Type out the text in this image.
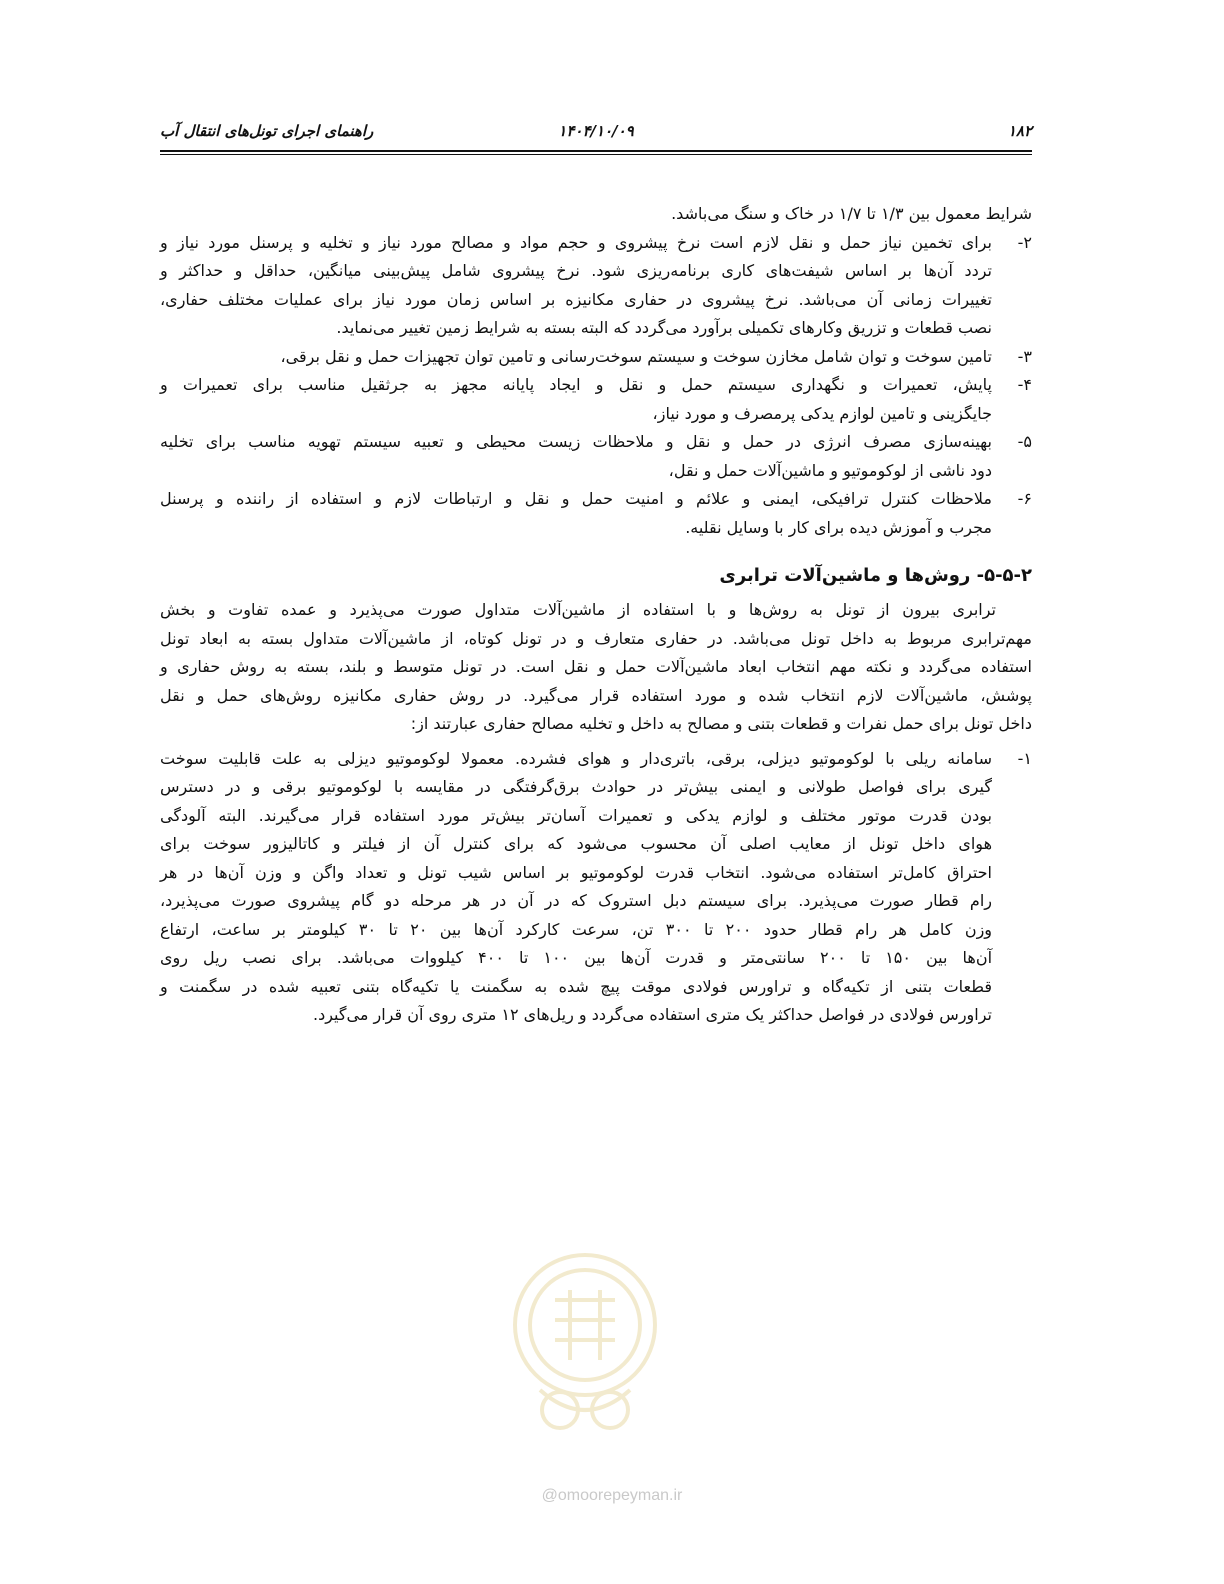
۱۸۲
۱۴۰۴/۱۰/۰۹
راهنمای اجرای تونل‌های انتقال آب
شرایط معمول بین ۱/۳ تا ۱/۷ در خاک و سنگ می‌باشد.
۲-
برای تخمین نیاز حمل و نقل لازم است نرخ پیشروی و حجم مواد و مصالح مورد نیاز و تخلیه و پرسنل مورد نیاز و
تردد آن‌ها بر اساس شیفت‌های کاری برنامه‌ریزی شود. نرخ پیشروی شامل پیش‌بینی میانگین، حداقل و حداکثر و
تغییرات زمانی آن می‌باشد. نرخ پیشروی در حفاری مکانیزه بر اساس زمان مورد نیاز برای عملیات مختلف حفاری،
نصب قطعات و تزریق وکارهای تکمیلی برآورد می‌گردد که البته بسته به شرایط زمین تغییر می‌نماید.
۳-
تامین سوخت و توان شامل مخازن سوخت و سیستم سوخت‌رسانی و تامین توان تجهیزات حمل و نقل برقی،
۴-
پایش، تعمیرات و نگهداری سیستم حمل و نقل و ایجاد پایانه مجهز به جرثقیل مناسب برای تعمیرات و
جایگزینی و تامین لوازم یدکی پرمصرف و مورد نیاز،
۵-
بهینه‌سازی مصرف انرژی در حمل و نقل و ملاحظات زیست محیطی و تعبیه سیستم تهویه مناسب برای تخلیه
دود ناشی از لوکوموتیو و ماشین‌آلات حمل و نقل،
۶-
ملاحظات کنترل ترافیکی، ایمنی و علائم و امنیت حمل و نقل و ارتباطات لازم و استفاده از راننده و پرسنل
مجرب و آموزش دیده برای کار با وسایل نقلیه.
۵-۵-۲- روش‌ها و ماشین‌آلات ترابری
ترابری بیرون از تونل به روش‌ها و با استفاده از ماشین‌آلات متداول صورت می‌پذیرد و عمده تفاوت و بخش
مهم‌ترابری مربوط به داخل تونل می‌باشد. در حفاری متعارف و در تونل کوتاه، از ماشین‌آلات متداول بسته به ابعاد تونل
استفاده می‌گردد و نکته مهم انتخاب ابعاد ماشین‌آلات حمل و نقل است. در تونل متوسط و بلند، بسته به روش حفاری و
پوشش، ماشین‌آلات لازم انتخاب شده و مورد استفاده قرار می‌گیرد. در روش حفاری مکانیزه روش‌های حمل و نقل
داخل تونل برای حمل نفرات و قطعات بتنی و مصالح به داخل و تخلیه مصالح حفاری عبارتند از:
۱-
سامانه ریلی با لوکوموتیو دیزلی، برقی، باتری‌دار و هوای فشرده. معمولا لوکوموتیو دیزلی به علت قابلیت سوخت
گیری برای فواصل طولانی و ایمنی بیش‌تر در حوادث برق‌گرفتگی در مقایسه با لوکوموتیو برقی و در دسترس
بودن قدرت موتور مختلف و لوازم یدکی و تعمیرات آسان‌تر بیش‌تر مورد استفاده قرار می‌گیرند. البته آلودگی
هوای داخل تونل از معایب اصلی آن محسوب می‌شود که برای کنترل آن از فیلتر و کاتالیزور سوخت برای
احتراق کامل‌تر استفاده می‌شود. انتخاب قدرت لوکوموتیو بر اساس شیب تونل و تعداد واگن و وزن آن‌ها در هر
رام قطار صورت می‌پذیرد. برای سیستم دبل استروک که در آن در هر مرحله دو گام پیشروی صورت می‌پذیرد،
وزن کامل هر رام قطار حدود ۲۰۰ تا ۳۰۰ تن، سرعت کارکرد آن‌ها بین ۲۰ تا ۳۰ کیلومتر بر ساعت، ارتفاع
آن‌ها بین ۱۵۰ تا ۲۰۰ سانتی‌متر و قدرت آن‌ها بین ۱۰۰ تا ۴۰۰ کیلووات می‌باشد. برای نصب ریل روی
قطعات بتنی از تکیه‌گاه و تراورس فولادی موقت پیچ شده به سگمنت یا تکیه‌گاه بتنی تعبیه شده در سگمنت و
تراورس فولادی در فواصل حداکثر یک متری استفاده می‌گردد و ریل‌های ۱۲ متری روی آن قرار می‌گیرد.
@omoorepeyman.ir
